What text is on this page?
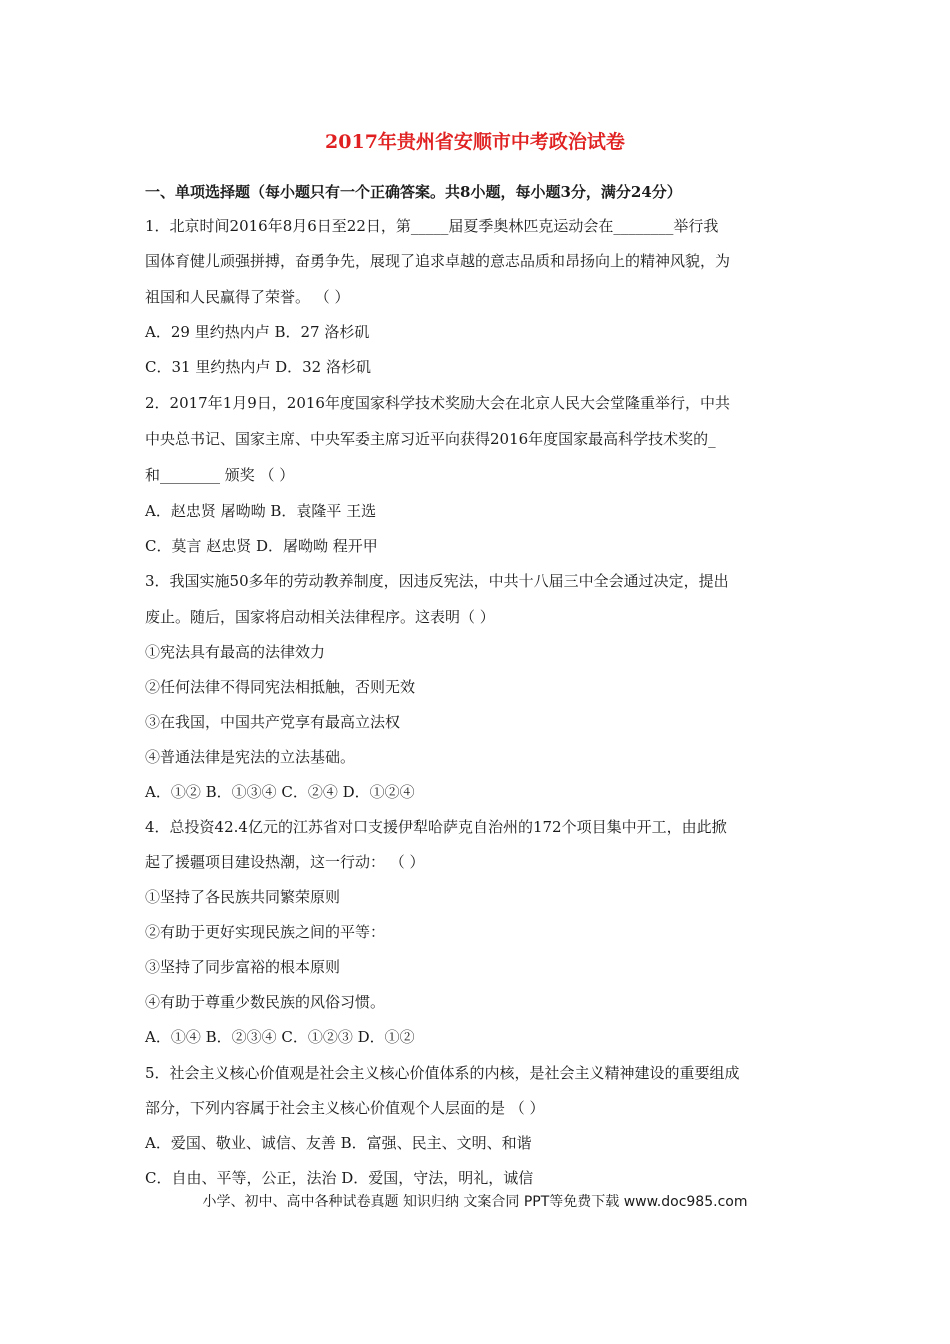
2017年贵州省安顺市中考政治试卷
一、单项选择题（每小题只有一个正确答案。共8小题，每小题3分，满分24分）
1．北京时间2016年8月6日至22日，第_____届夏季奥林匹克运动会在________举行我
国体育健儿顽强拼搏，奋勇争先，展现了追求卓越的意志品质和昂扬向上的精神风貌，为
祖国和人民赢得了荣誉。 （ ）
A．29 里约热内卢 B．27 洛杉矶
C．31 里约热内卢 D．32 洛杉矶
2．2017年1月9日，2016年度国家科学技术奖励大会在北京人民大会堂隆重举行，中共
中央总书记、国家主席、中央军委主席习近平向获得2016年度国家最高科学技术奖的_
和________ 颁奖 （ ）
A．赵忠贤 屠呦呦 B．袁隆平 王选
C．莫言 赵忠贤 D．屠呦呦 程开甲
3．我国实施50多年的劳动教养制度，因违反宪法，中共十八届三中全会通过决定，提出
废止。随后，国家将启动相关法律程序。这表明（ ）
①宪法具有最高的法律效力
②任何法律不得同宪法相抵触，否则无效
③在我国，中国共产党享有最高立法权
④普通法律是宪法的立法基础。
A．①② B．①③④ C．②④ D．①②④
4．总投资42.4亿元的江苏省对口支援伊犁哈萨克自治州的172个项目集中开工，由此掀
起了援疆项目建设热潮，这一行动： （ ）
①坚持了各民族共同繁荣原则
②有助于更好实现民族之间的平等：
③坚持了同步富裕的根本原则
④有助于尊重少数民族的风俗习惯。
A．①④ B．②③④ C．①②③ D．①②
5．社会主义核心价值观是社会主义核心价值体系的内核，是社会主义精神建设的重要组成
部分，下列内容属于社会主义核心价值观个人层面的是 （ ）
A．爱国、敬业、诚信、友善 B．富强、民主、文明、和谐
C．自由、平等，公正，法治 D．爱国，守法，明礼，诚信
小学、初中、高中各种试卷真题 知识归纳 文案合同 PPT等免费下载 www.doc985.com
